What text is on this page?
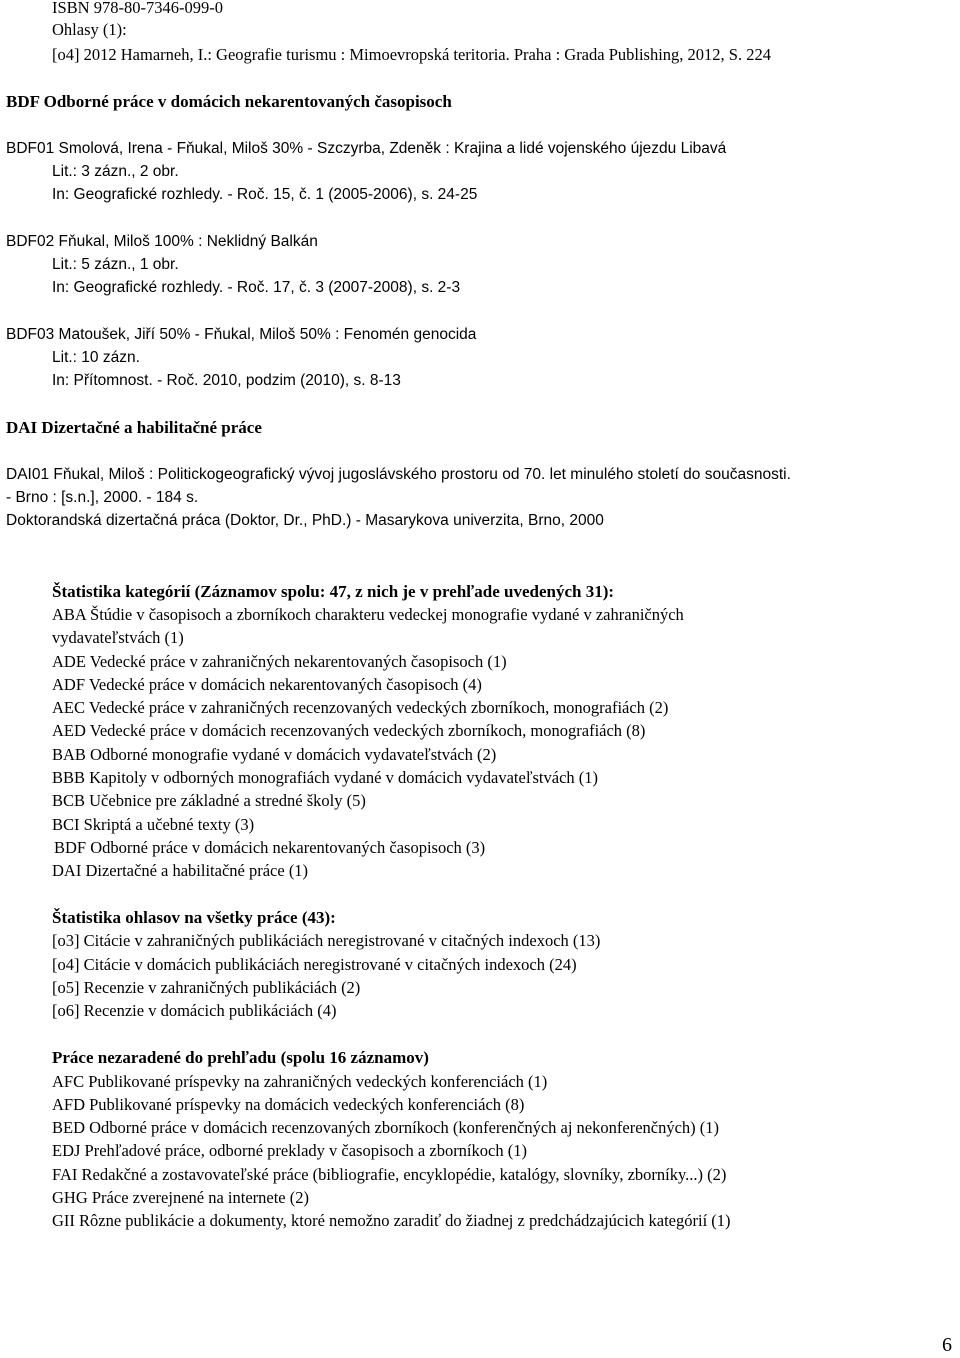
ISBN 978-80-7346-099-0
Ohlasy (1):
[o4] 2012 Hamarneh, I.: Geografie turismu : Mimoevropská teritoria. Praha : Grada Publishing, 2012, S. 224
BDF Odborné práce v domácich nekarentovaných časopisoch
BDF01 Smolová, Irena - Fňukal, Miloš 30% - Szczyrba, Zdeněk : Krajina a lidé vojenského újezdu Libavá
Lit.: 3 zázn., 2 obr.
In: Geografické rozhledy. - Roč. 15, č. 1 (2005-2006), s. 24-25
BDF02 Fňukal, Miloš 100% : Neklidný Balkán
Lit.: 5 zázn., 1 obr.
In: Geografické rozhledy. - Roč. 17, č. 3 (2007-2008), s. 2-3
BDF03 Matoušek, Jiří 50% - Fňukal, Miloš 50% : Fenomén genocida
Lit.: 10 zázn.
In: Přítomnost. - Roč. 2010, podzim (2010), s. 8-13
DAI Dizertačné a habilitačné práce
DAI01 Fňukal, Miloš : Politickogeografický vývoj jugoslávského prostoru od 70. let minulého století do současnosti.
- Brno : [s.n.], 2000. - 184 s.
Doktorandská dizertačná práca (Doktor, Dr., PhD.) - Masarykova univerzita, Brno, 2000
Štatistika kategórií (Záznamov spolu: 47, z nich je v prehľade uvedených 31):
ABA Štúdie v časopisoch a zborníkoch charakteru vedeckej monografie vydané v zahraničných
vydavateľstvách (1)
ADE Vedecké práce v zahraničných nekarentovaných časopisoch (1)
ADF Vedecké práce v domácich nekarentovaných časopisoch (4)
AEC Vedecké práce v zahraničných recenzovaných vedeckých zborníkoch, monografiách (2)
AED Vedecké práce v domácich recenzovaných vedeckých zborníkoch, monografiách (8)
BAB Odborné monografie vydané v domácich vydavateľstvách (2)
BBB Kapitoly v odborných monografiách vydané v domácich vydavateľstvách (1)
BCB Učebnice pre základné a stredné školy (5)
BCI Skriptá a učebné texty (3)
BDF Odborné práce v domácich nekarentovaných časopisoch (3)
DAI Dizertačné a habilitačné práce (1)
Štatistika ohlasov na všetky práce (43):
[o3] Citácie v zahraničných publikáciách neregistrované v citačných indexoch (13)
[o4] Citácie v domácich publikáciách neregistrované v citačných indexoch (24)
[o5] Recenzie v zahraničných publikáciách (2)
[o6] Recenzie v domácich publikáciách (4)
Práce nezaradené do prehľadu (spolu 16 záznamov)
AFC Publikované príspevky na zahraničných vedeckých konferenciách (1)
AFD Publikované príspevky na domácich vedeckých konferenciách (8)
BED Odborné práce v domácich recenzovaných zborníkoch (konferenčných aj nekonferenčných) (1)
EDJ Prehľadové práce, odborné preklady v časopisoch a zborníkoch (1)
FAI Redakčné a zostavovateľské práce (bibliografie, encyklopédie, katalógy, slovníky, zborníky...) (2)
GHG Práce zverejnené na internete (2)
GII Rôzne publikácie a dokumenty, ktoré nemožno zaradiť do žiadnej z predchádzajúcich kategórií (1)
6
